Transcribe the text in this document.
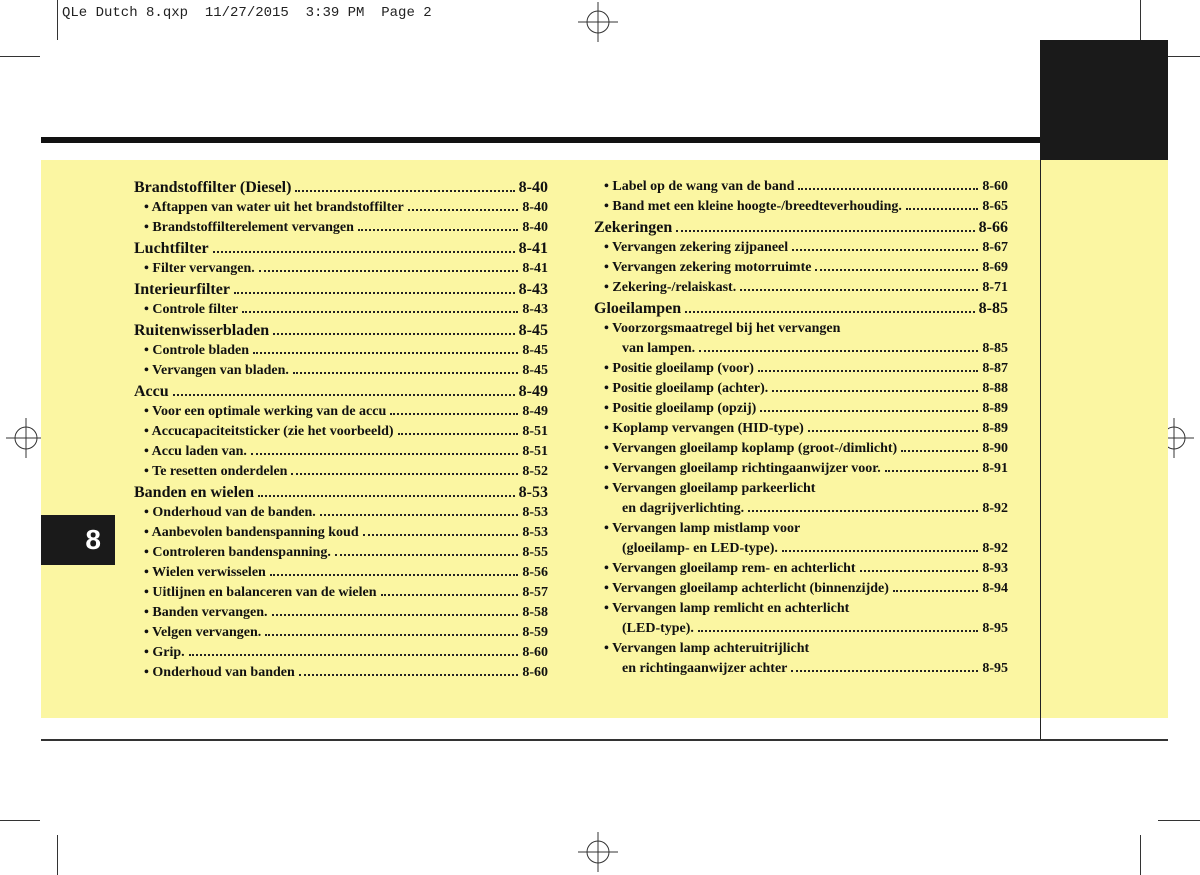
QLe Dutch 8.qxp  11/27/2015  3:39 PM  Page 2
8
Brandstoffilter (Diesel)	8-40
• Aftappen van water uit het brandstoffilter	8-40
• Brandstoffilterelement vervangen	8-40
Luchtfilter	8-41
• Filter vervangen.	8-41
Interieurfilter	8-43
• Controle filter	8-43
Ruitenwisserbladen	8-45
• Controle bladen	8-45
• Vervangen van bladen.	8-45
Accu	8-49
• Voor een optimale werking van de accu	8-49
• Accucapaciteitsticker (zie het voorbeeld)	8-51
• Accu laden van.	8-51
• Te resetten onderdelen	8-52
Banden en wielen	8-53
• Onderhoud van de banden.	8-53
• Aanbevolen bandenspanning koud	8-53
• Controleren bandenspanning.	8-55
• Wielen verwisselen	8-56
• Uitlijnen en balanceren van de wielen	8-57
• Banden vervangen.	8-58
• Velgen vervangen.	8-59
• Grip.	8-60
• Onderhoud van banden	8-60
• Label op de wang van de band	8-60
• Band met een kleine hoogte-/breedteverhouding.	8-65
Zekeringen	8-66
• Vervangen zekering zijpaneel	8-67
• Vervangen zekering motorruimte	8-69
• Zekering-/relaiskast.	8-71
Gloeilampen	8-85
• Voorzorgsmaatregel bij het vervangen
van lampen.	8-85
• Positie gloeilamp (voor)	8-87
• Positie gloeilamp (achter).	8-88
• Positie gloeilamp (opzij)	8-89
• Koplamp vervangen (HID-type)	8-89
• Vervangen gloeilamp koplamp (groot-/dimlicht)	8-90
• Vervangen gloeilamp richtingaanwijzer voor.	8-91
• Vervangen gloeilamp parkeerlicht
en dagrijverlichting.	8-92
• Vervangen lamp mistlamp voor
(gloeilamp- en LED-type).	8-92
• Vervangen gloeilamp rem- en achterlicht	8-93
• Vervangen gloeilamp achterlicht (binnenzijde)	8-94
• Vervangen lamp remlicht en achterlicht
(LED-type).	8-95
• Vervangen lamp achteruitrijlicht
en richtingaanwijzer achter	8-95
